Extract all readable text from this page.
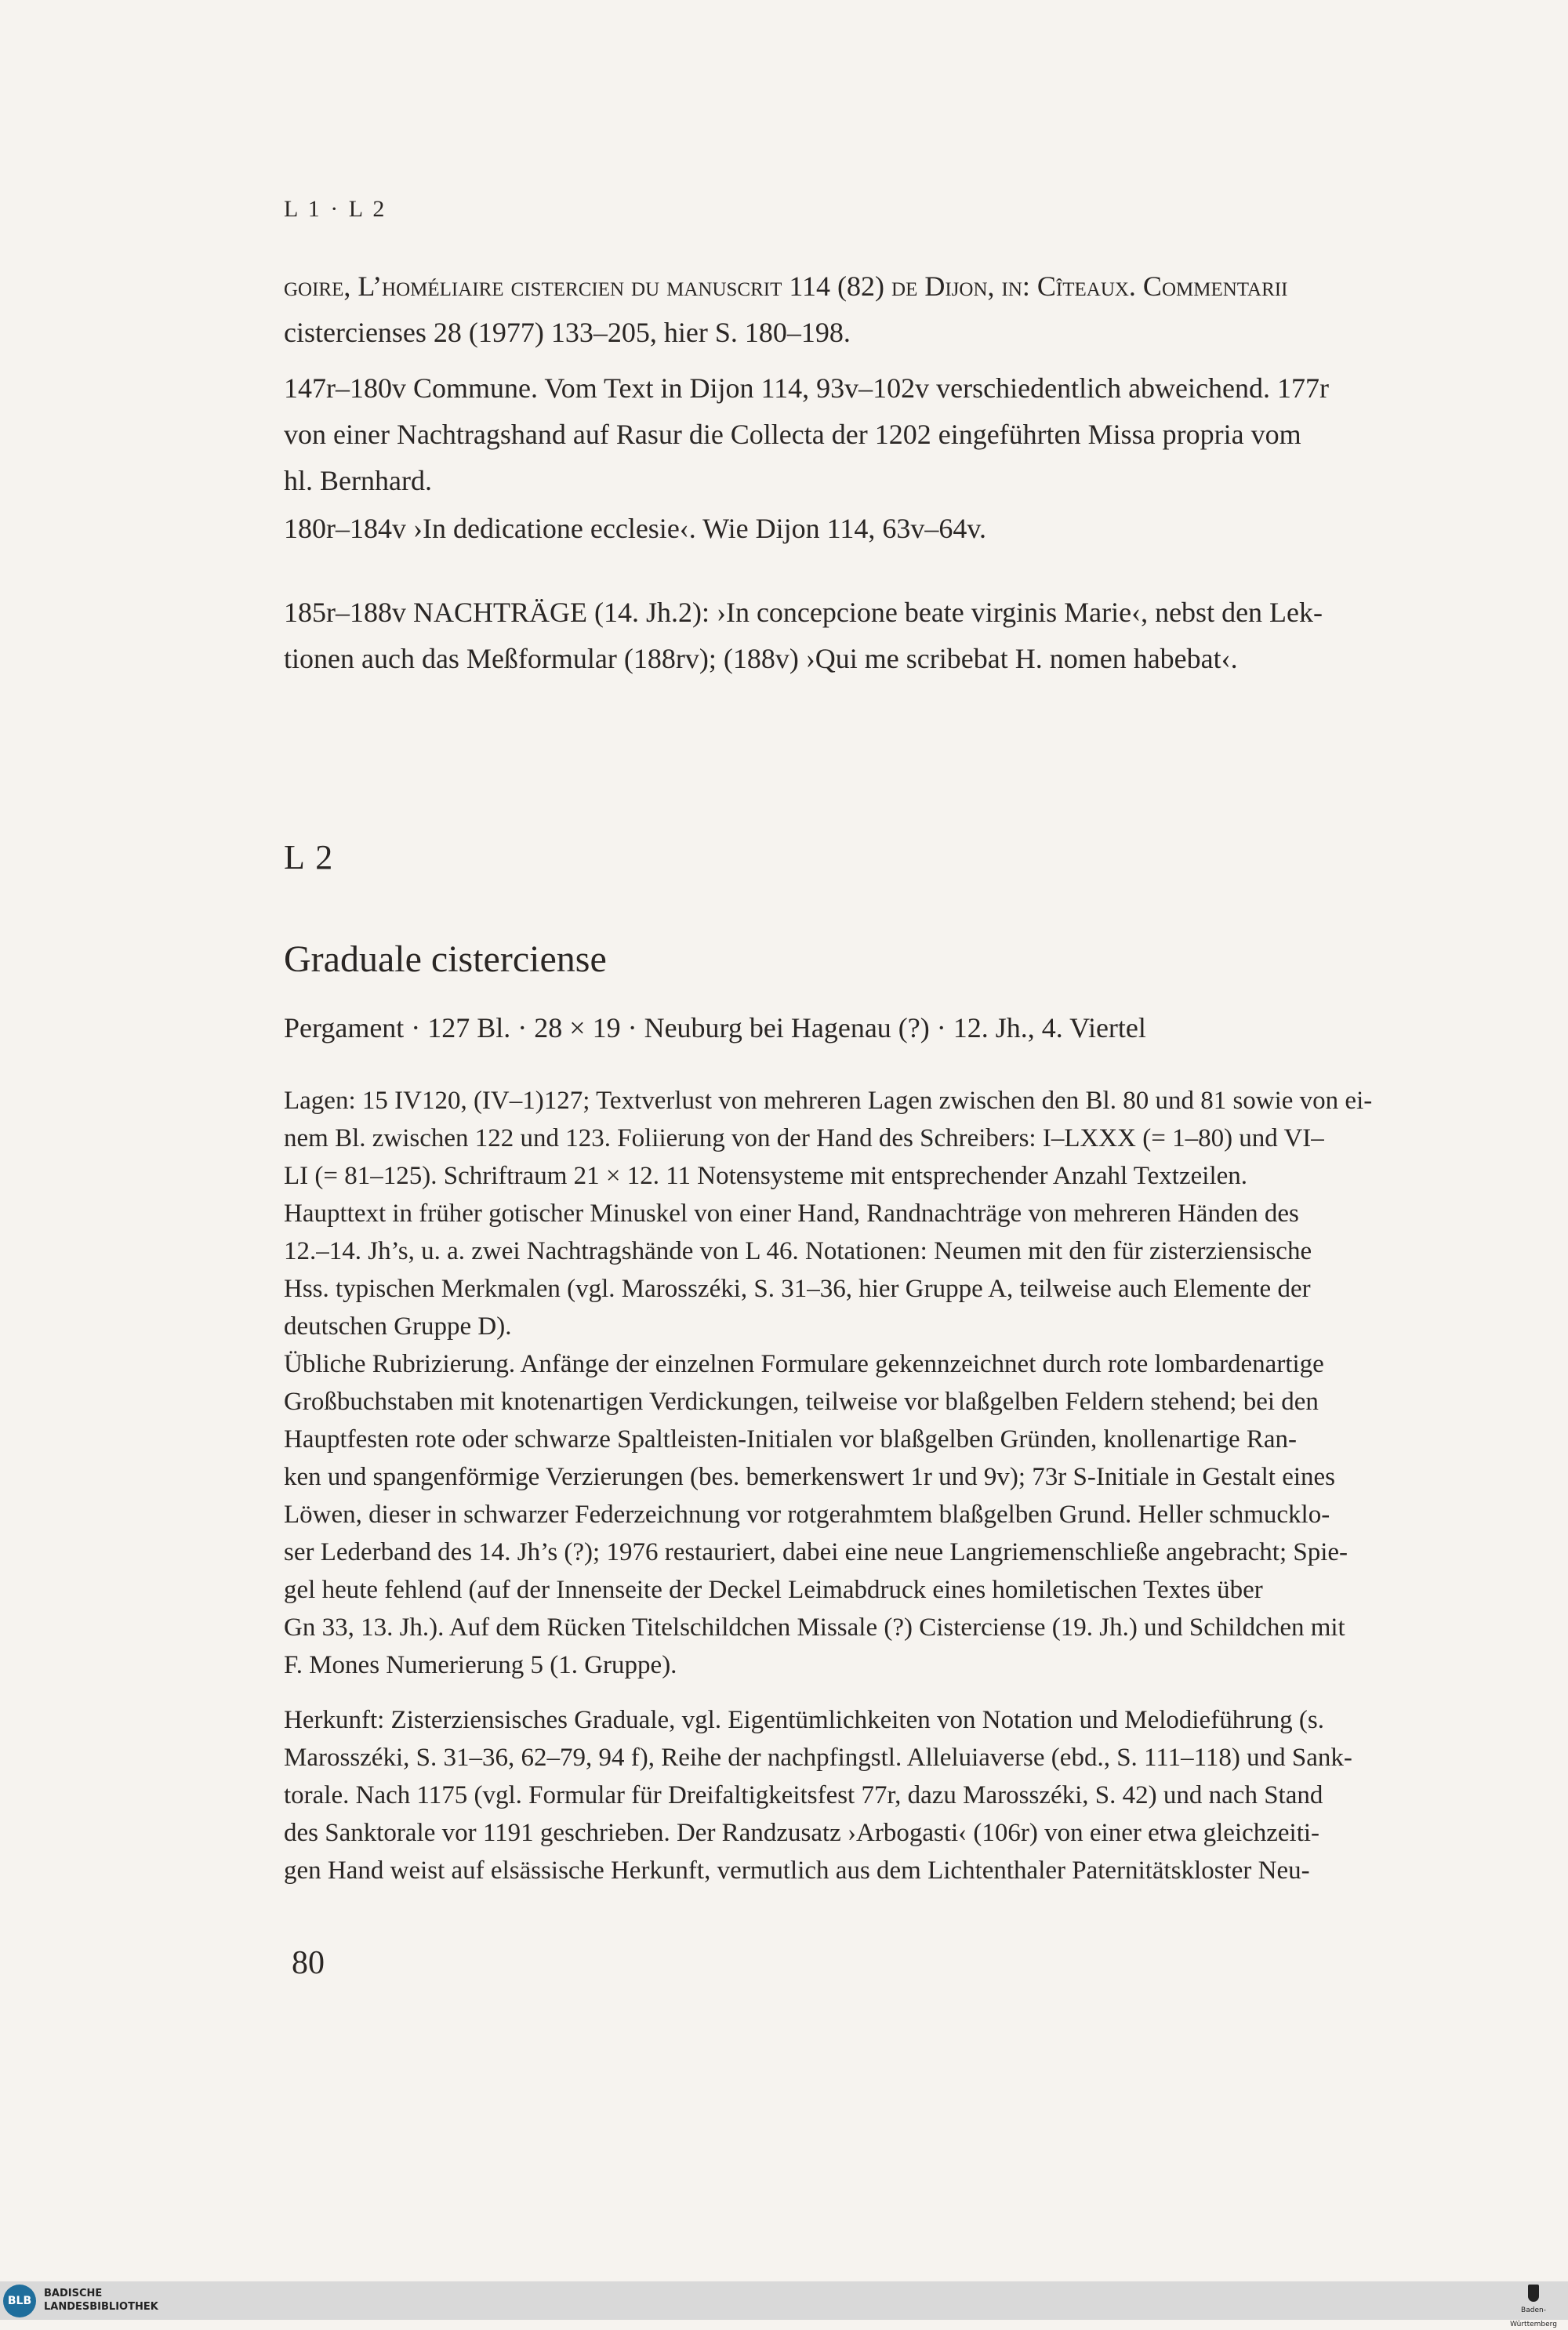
L 1 · L 2
goire, L’homéliaire cistercien du manuscrit 114 (82) de Dijon, in: Cîteaux. Commentarii
cistercienses 28 (1977) 133–205, hier S. 180–198.
147r–180v Commune. Vom Text in Dijon 114, 93v–102v verschiedentlich abweichend. 177r
von einer Nachtragshand auf Rasur die Collecta der 1202 eingeführten Missa propria vom
hl. Bernhard.
180r–184v ›In dedicatione ecclesie‹. Wie Dijon 114, 63v–64v.
185r–188v NACHTRÄGE (14. Jh.2): ›In concepcione beate virginis Marie‹, nebst den Lek-
tionen auch das Meßformular (188rv); (188v) ›Qui me scribebat H. nomen habebat‹.
L 2
Graduale cisterciense
Pergament · 127 Bl. · 28 × 19 · Neuburg bei Hagenau (?) · 12. Jh., 4. Viertel
Lagen: 15 IV120, (IV–1)127; Textverlust von mehreren Lagen zwischen den Bl. 80 und 81 sowie von ei-
nem Bl. zwischen 122 und 123. Foliierung von der Hand des Schreibers: I–LXXX (= 1–80) und VI–
LI (= 81–125). Schriftraum 21 × 12. 11 Notensysteme mit entsprechender Anzahl Textzeilen.
Haupttext in früher gotischer Minuskel von einer Hand, Randnachträge von mehreren Händen des
12.–14. Jh’s, u. a. zwei Nachtragshände von L 46. Notationen: Neumen mit den für zisterziensische
Hss. typischen Merkmalen (vgl. Marosszéki, S. 31–36, hier Gruppe A, teilweise auch Elemente der
deutschen Gruppe D).
Übliche Rubrizierung. Anfänge der einzelnen Formulare gekennzeichnet durch rote lombardenartige
Großbuchstaben mit knotenartigen Verdickungen, teilweise vor blaßgelben Feldern stehend; bei den
Hauptfesten rote oder schwarze Spaltleisten-Initialen vor blaßgelben Gründen, knollenartige Ran-
ken und spangenförmige Verzierungen (bes. bemerkenswert 1r und 9v); 73r S-Initiale in Gestalt eines
Löwen, dieser in schwarzer Federzeichnung vor rotgerahmtem blaßgelben Grund. Heller schmucklo-
ser Lederband des 14. Jh’s (?); 1976 restauriert, dabei eine neue Langriemenschließe angebracht; Spie-
gel heute fehlend (auf der Innenseite der Deckel Leimabdruck eines homiletischen Textes über
Gn 33, 13. Jh.). Auf dem Rücken Titelschildchen Missale (?) Cisterciense (19. Jh.) und Schildchen mit
F. Mones Numerierung 5 (1. Gruppe).
Herkunft: Zisterziensisches Graduale, vgl. Eigentümlichkeiten von Notation und Melodieführung (s.
Marosszéki, S. 31–36, 62–79, 94 f), Reihe der nachpfingstl. Alleluiaverse (ebd., S. 111–118) und Sank-
torale. Nach 1175 (vgl. Formular für Dreifaltigkeitsfest 77r, dazu Marosszéki, S. 42) und nach Stand
des Sanktorale vor 1191 geschrieben. Der Randzusatz ›Arbogasti‹ (106r) von einer etwa gleichzeiti-
gen Hand weist auf elsässische Herkunft, vermutlich aus dem Lichtenthaler Paternitätskloster Neu-
80
BLB
BADISCHE
LANDESBIBLIOTHEK	Baden-Württemberg
